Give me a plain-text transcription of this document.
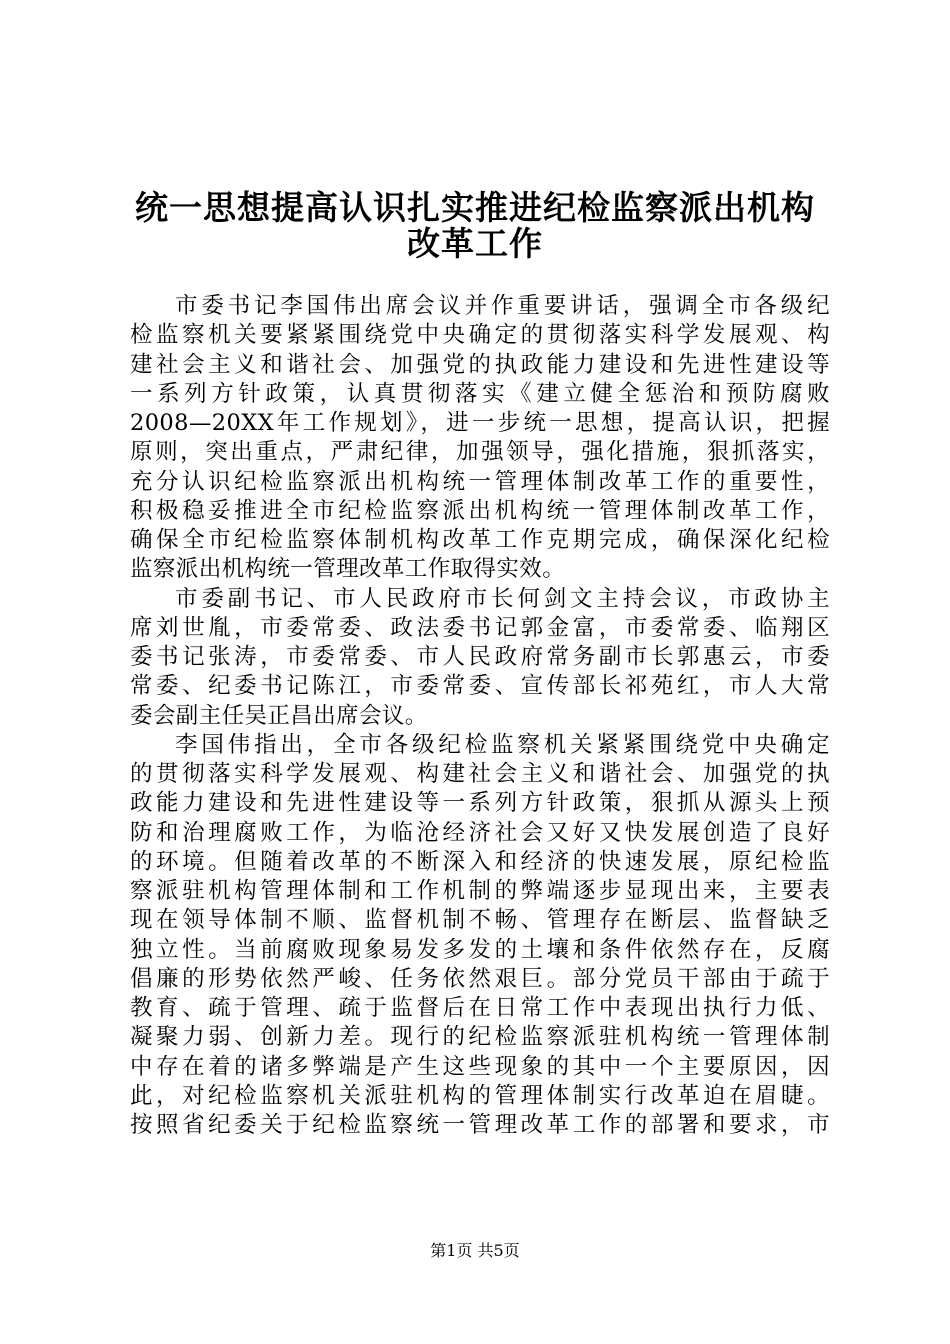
统一思想提高认识扎实推进纪检监察派出机构
改革工作
市委书记李国伟出席会议并作重要讲话，强调全市各级纪
检监察机关要紧紧围绕党中央确定的贯彻落实科学发展观、构
建社会主义和谐社会、加强党的执政能力建设和先进性建设等
一系列方针政策，认真贯彻落实《建立健全惩治和预防腐败
2008—20XX年工作规划》，进一步统一思想，提高认识，把握
原则，突出重点，严肃纪律，加强领导，强化措施，狠抓落实，
充分认识纪检监察派出机构统一管理体制改革工作的重要性，
积极稳妥推进全市纪检监察派出机构统一管理体制改革工作，
确保全市纪检监察体制机构改革工作克期完成，确保深化纪检
监察派出机构统一管理改革工作取得实效。
市委副书记、市人民政府市长何剑文主持会议，市政协主
席刘世胤，市委常委、政法委书记郭金富，市委常委、临翔区
委书记张涛，市委常委、市人民政府常务副市长郭惠云，市委
常委、纪委书记陈江，市委常委、宣传部长祁苑红，市人大常
委会副主任吴正昌出席会议。
李国伟指出，全市各级纪检监察机关紧紧围绕党中央确定
的贯彻落实科学发展观、构建社会主义和谐社会、加强党的执
政能力建设和先进性建设等一系列方针政策，狠抓从源头上预
防和治理腐败工作，为临沧经济社会又好又快发展创造了良好
的环境。但随着改革的不断深入和经济的快速发展，原纪检监
察派驻机构管理体制和工作机制的弊端逐步显现出来，主要表
现在领导体制不顺、监督机制不畅、管理存在断层、监督缺乏
独立性。当前腐败现象易发多发的土壤和条件依然存在，反腐
倡廉的形势依然严峻、任务依然艰巨。部分党员干部由于疏于
教育、疏于管理、疏于监督后在日常工作中表现出执行力低、
凝聚力弱、创新力差。现行的纪检监察派驻机构统一管理体制
中存在着的诸多弊端是产生这些现象的其中一个主要原因，因
此，对纪检监察机关派驻机构的管理体制实行改革迫在眉睫。
按照省纪委关于纪检监察统一管理改革工作的部署和要求，市
第1页 共5页
